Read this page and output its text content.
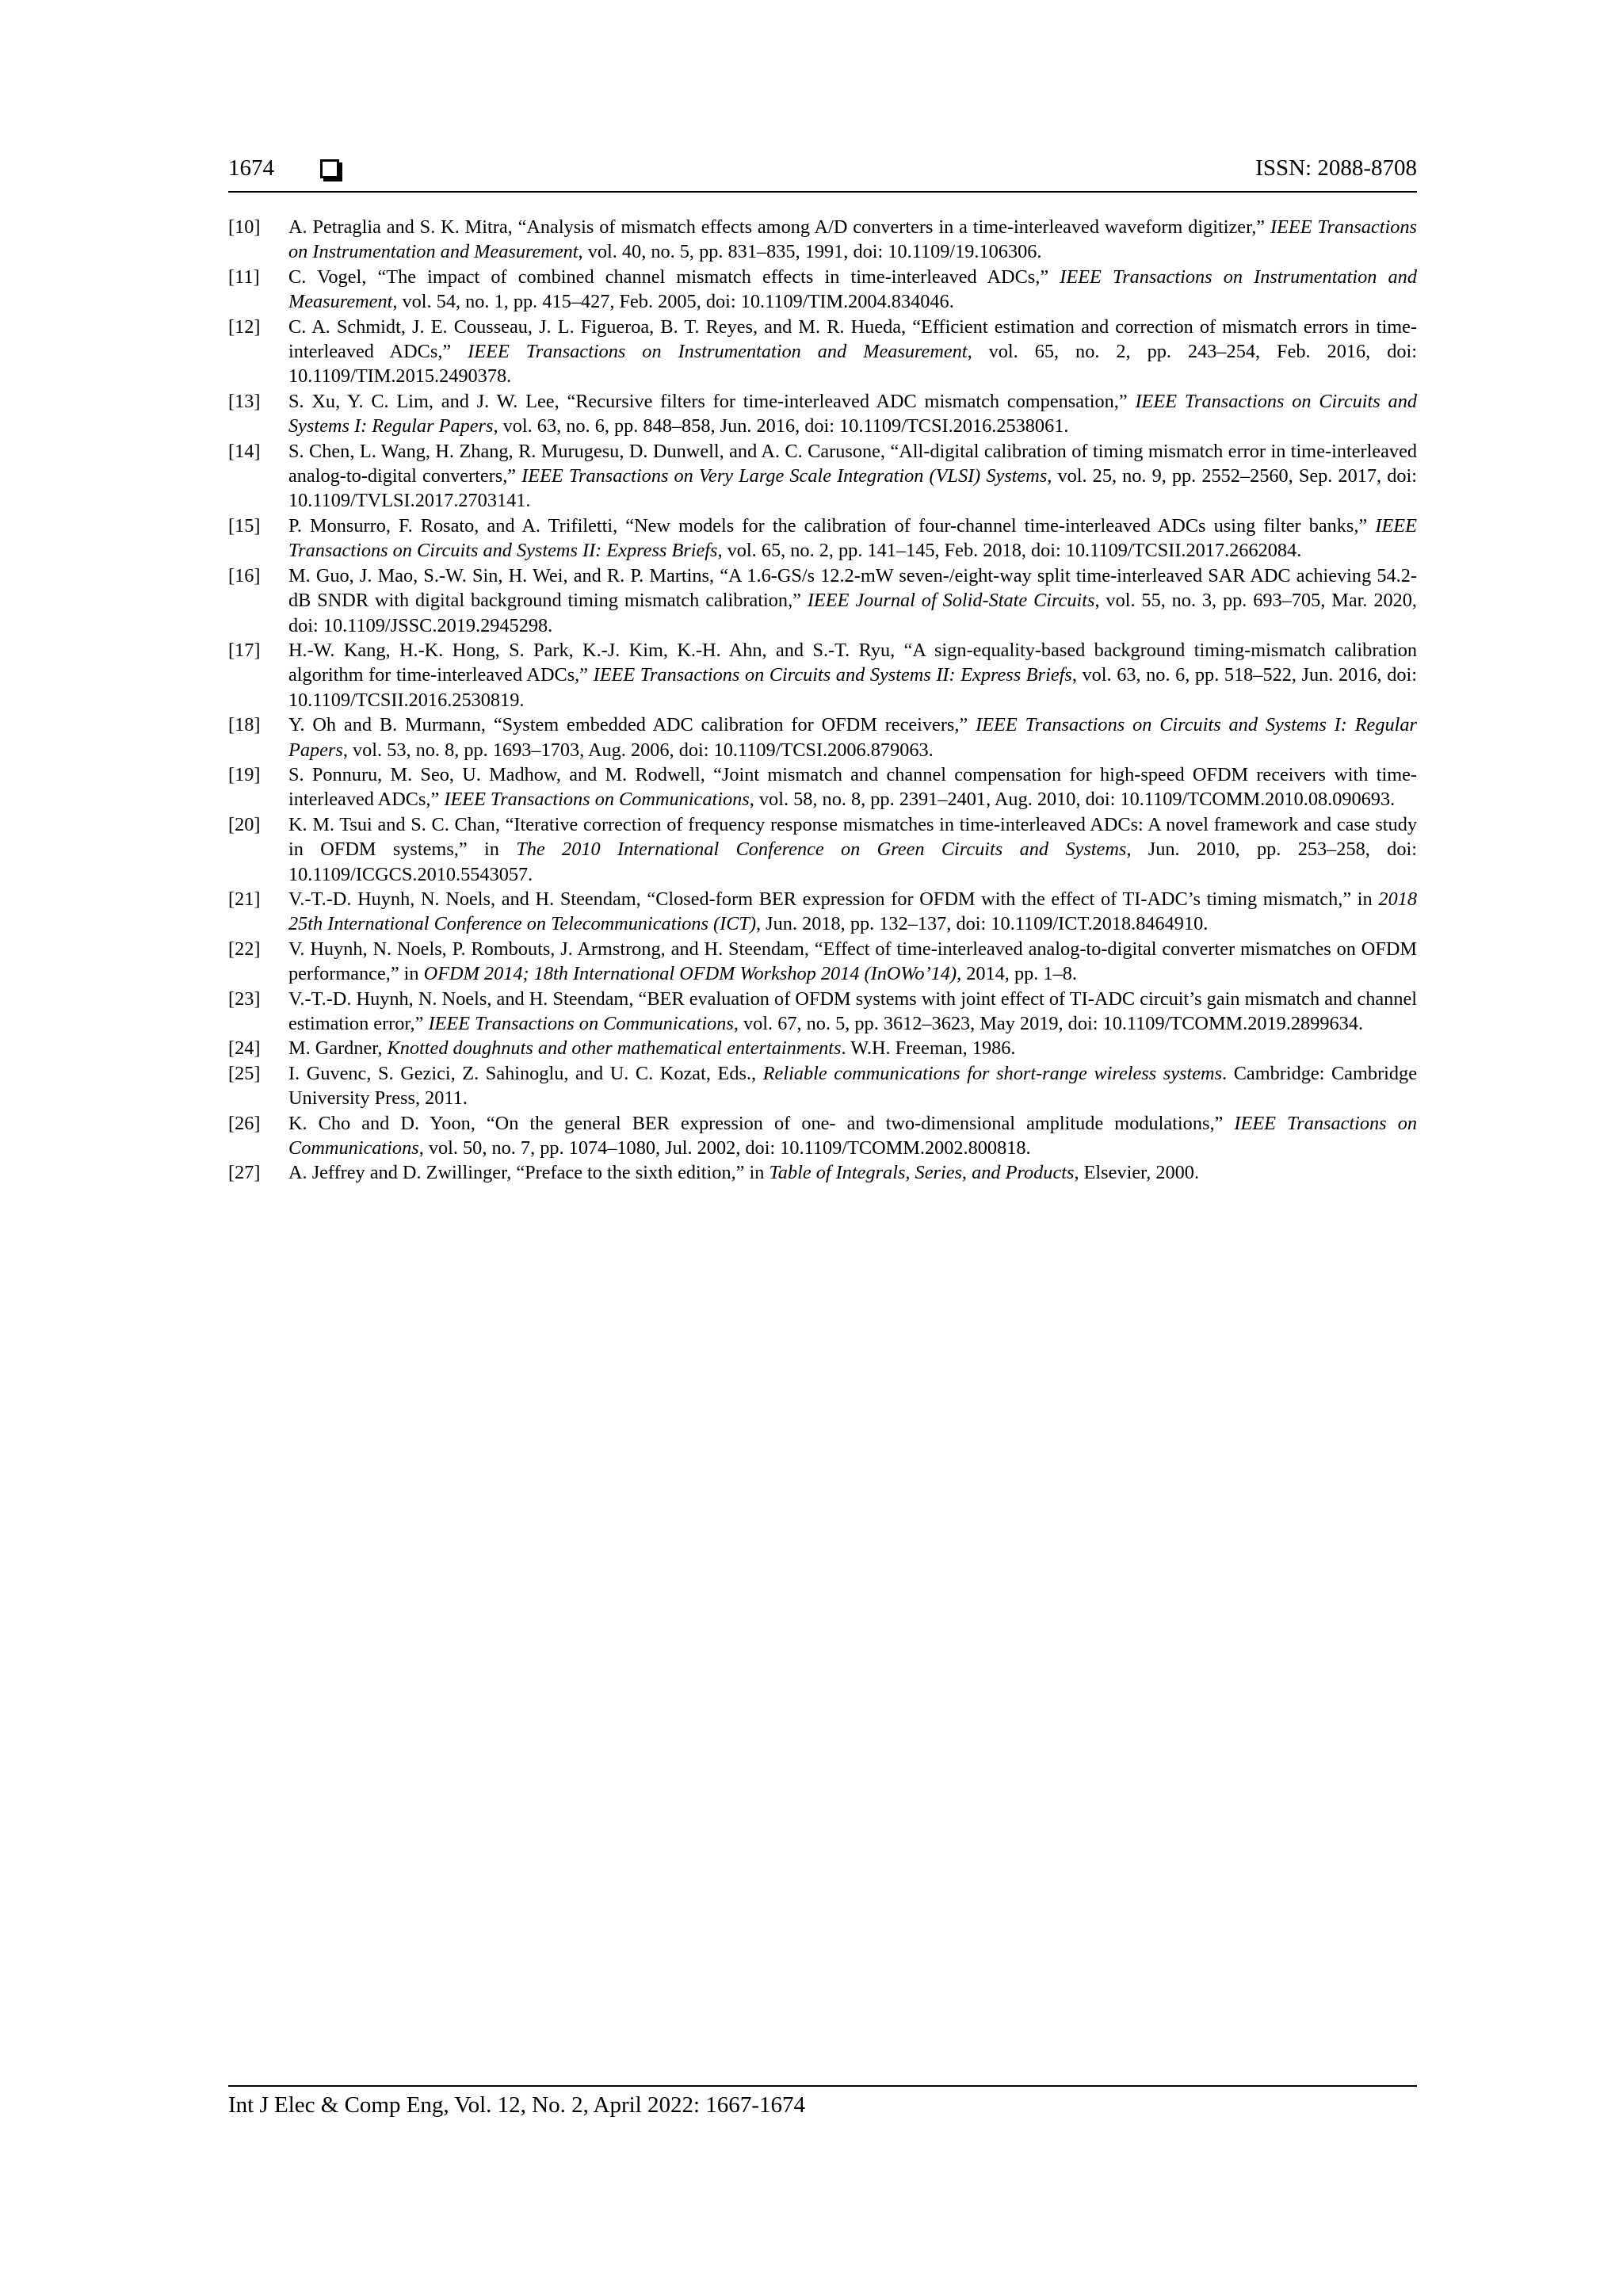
1674	ISSN: 2088-8708
[10] A. Petraglia and S. K. Mitra, “Analysis of mismatch effects among A/D converters in a time-interleaved waveform digitizer,” IEEE Transactions on Instrumentation and Measurement, vol. 40, no. 5, pp. 831–835, 1991, doi: 10.1109/19.106306.
[11] C. Vogel, “The impact of combined channel mismatch effects in time-interleaved ADCs,” IEEE Transactions on Instrumentation and Measurement, vol. 54, no. 1, pp. 415–427, Feb. 2005, doi: 10.1109/TIM.2004.834046.
[12] C. A. Schmidt, J. E. Cousseau, J. L. Figueroa, B. T. Reyes, and M. R. Hueda, “Efficient estimation and correction of mismatch errors in time-interleaved ADCs,” IEEE Transactions on Instrumentation and Measurement, vol. 65, no. 2, pp. 243–254, Feb. 2016, doi: 10.1109/TIM.2015.2490378.
[13] S. Xu, Y. C. Lim, and J. W. Lee, “Recursive filters for time-interleaved ADC mismatch compensation,” IEEE Transactions on Circuits and Systems I: Regular Papers, vol. 63, no. 6, pp. 848–858, Jun. 2016, doi: 10.1109/TCSI.2016.2538061.
[14] S. Chen, L. Wang, H. Zhang, R. Murugesu, D. Dunwell, and A. C. Carusone, “All-digital calibration of timing mismatch error in time-interleaved analog-to-digital converters,” IEEE Transactions on Very Large Scale Integration (VLSI) Systems, vol. 25, no. 9, pp. 2552–2560, Sep. 2017, doi: 10.1109/TVLSI.2017.2703141.
[15] P. Monsurro, F. Rosato, and A. Trifiletti, “New models for the calibration of four-channel time-interleaved ADCs using filter banks,” IEEE Transactions on Circuits and Systems II: Express Briefs, vol. 65, no. 2, pp. 141–145, Feb. 2018, doi: 10.1109/TCSII.2017.2662084.
[16] M. Guo, J. Mao, S.-W. Sin, H. Wei, and R. P. Martins, “A 1.6-GS/s 12.2-mW seven-/eight-way split time-interleaved SAR ADC achieving 54.2-dB SNDR with digital background timing mismatch calibration,” IEEE Journal of Solid-State Circuits, vol. 55, no. 3, pp. 693–705, Mar. 2020, doi: 10.1109/JSSC.2019.2945298.
[17] H.-W. Kang, H.-K. Hong, S. Park, K.-J. Kim, K.-H. Ahn, and S.-T. Ryu, “A sign-equality-based background timing-mismatch calibration algorithm for time-interleaved ADCs,” IEEE Transactions on Circuits and Systems II: Express Briefs, vol. 63, no. 6, pp. 518–522, Jun. 2016, doi: 10.1109/TCSII.2016.2530819.
[18] Y. Oh and B. Murmann, “System embedded ADC calibration for OFDM receivers,” IEEE Transactions on Circuits and Systems I: Regular Papers, vol. 53, no. 8, pp. 1693–1703, Aug. 2006, doi: 10.1109/TCSI.2006.879063.
[19] S. Ponnuru, M. Seo, U. Madhow, and M. Rodwell, “Joint mismatch and channel compensation for high-speed OFDM receivers with time-interleaved ADCs,” IEEE Transactions on Communications, vol. 58, no. 8, pp. 2391–2401, Aug. 2010, doi: 10.1109/TCOMM.2010.08.090693.
[20] K. M. Tsui and S. C. Chan, “Iterative correction of frequency response mismatches in time-interleaved ADCs: A novel framework and case study in OFDM systems,” in The 2010 International Conference on Green Circuits and Systems, Jun. 2010, pp. 253–258, doi: 10.1109/ICGCS.2010.5543057.
[21] V.-T.-D. Huynh, N. Noels, and H. Steendam, “Closed-form BER expression for OFDM with the effect of TI-ADC’s timing mismatch,” in 2018 25th International Conference on Telecommunications (ICT), Jun. 2018, pp. 132–137, doi: 10.1109/ICT.2018.8464910.
[22] V. Huynh, N. Noels, P. Rombouts, J. Armstrong, and H. Steendam, “Effect of time-interleaved analog-to-digital converter mismatches on OFDM performance,” in OFDM 2014; 18th International OFDM Workshop 2014 (InOWo’14), 2014, pp. 1–8.
[23] V.-T.-D. Huynh, N. Noels, and H. Steendam, “BER evaluation of OFDM systems with joint effect of TI-ADC circuit’s gain mismatch and channel estimation error,” IEEE Transactions on Communications, vol. 67, no. 5, pp. 3612–3623, May 2019, doi: 10.1109/TCOMM.2019.2899634.
[24] M. Gardner, Knotted doughnuts and other mathematical entertainments. W.H. Freeman, 1986.
[25] I. Guvenc, S. Gezici, Z. Sahinoglu, and U. C. Kozat, Eds., Reliable communications for short-range wireless systems. Cambridge: Cambridge University Press, 2011.
[26] K. Cho and D. Yoon, “On the general BER expression of one- and two-dimensional amplitude modulations,” IEEE Transactions on Communications, vol. 50, no. 7, pp. 1074–1080, Jul. 2002, doi: 10.1109/TCOMM.2002.800818.
[27] A. Jeffrey and D. Zwillinger, “Preface to the sixth edition,” in Table of Integrals, Series, and Products, Elsevier, 2000.
Int J Elec & Comp Eng, Vol. 12, No. 2, April 2022: 1667-1674
